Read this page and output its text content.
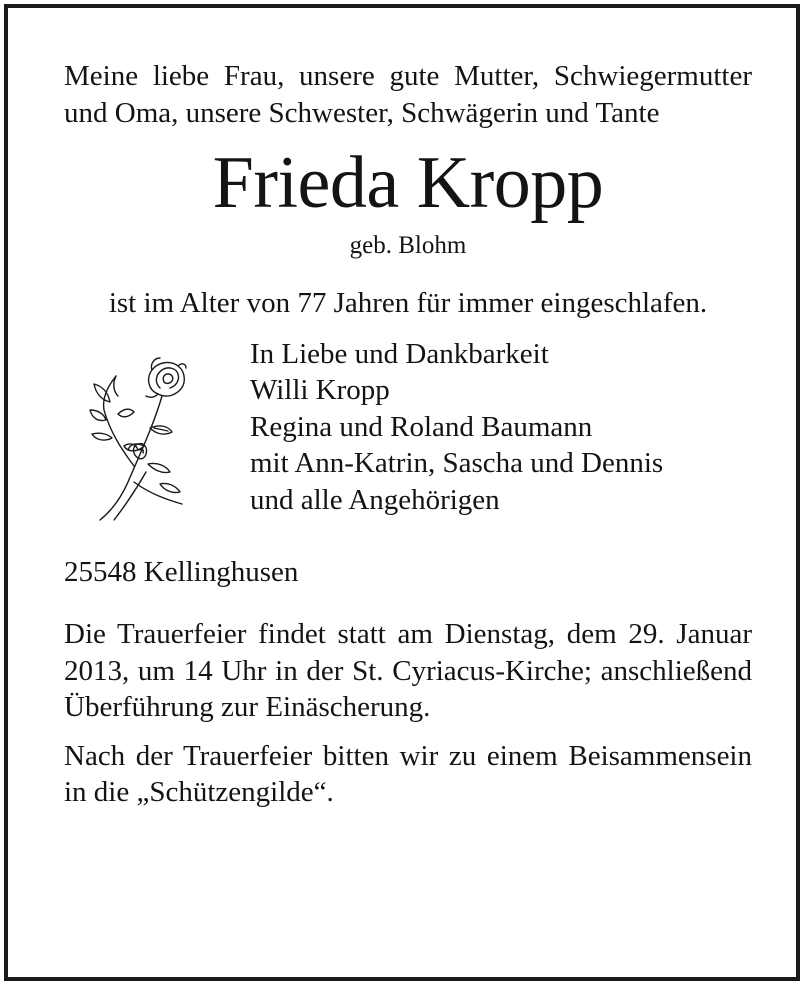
Meine liebe Frau, unsere gute Mutter, Schwiegermutter und Oma, unsere Schwester, Schwägerin und Tante

Frieda Kropp

geb. Blohm

ist im Alter von 77 Jahren für immer eingeschlafen.

In Liebe und Dankbarkeit
Willi Kropp
Regina und Roland Baumann
mit Ann-Katrin, Sascha und Dennis
und alle Angehörigen

25548 Kellinghusen

Die Trauerfeier findet statt am Dienstag, dem 29. Januar 2013, um 14 Uhr in der St. Cyriacus-Kirche; anschließend Überführung zur Einäscherung.

Nach der Trauerfeier bitten wir zu einem Beisammensein in die „Schützengilde“.
